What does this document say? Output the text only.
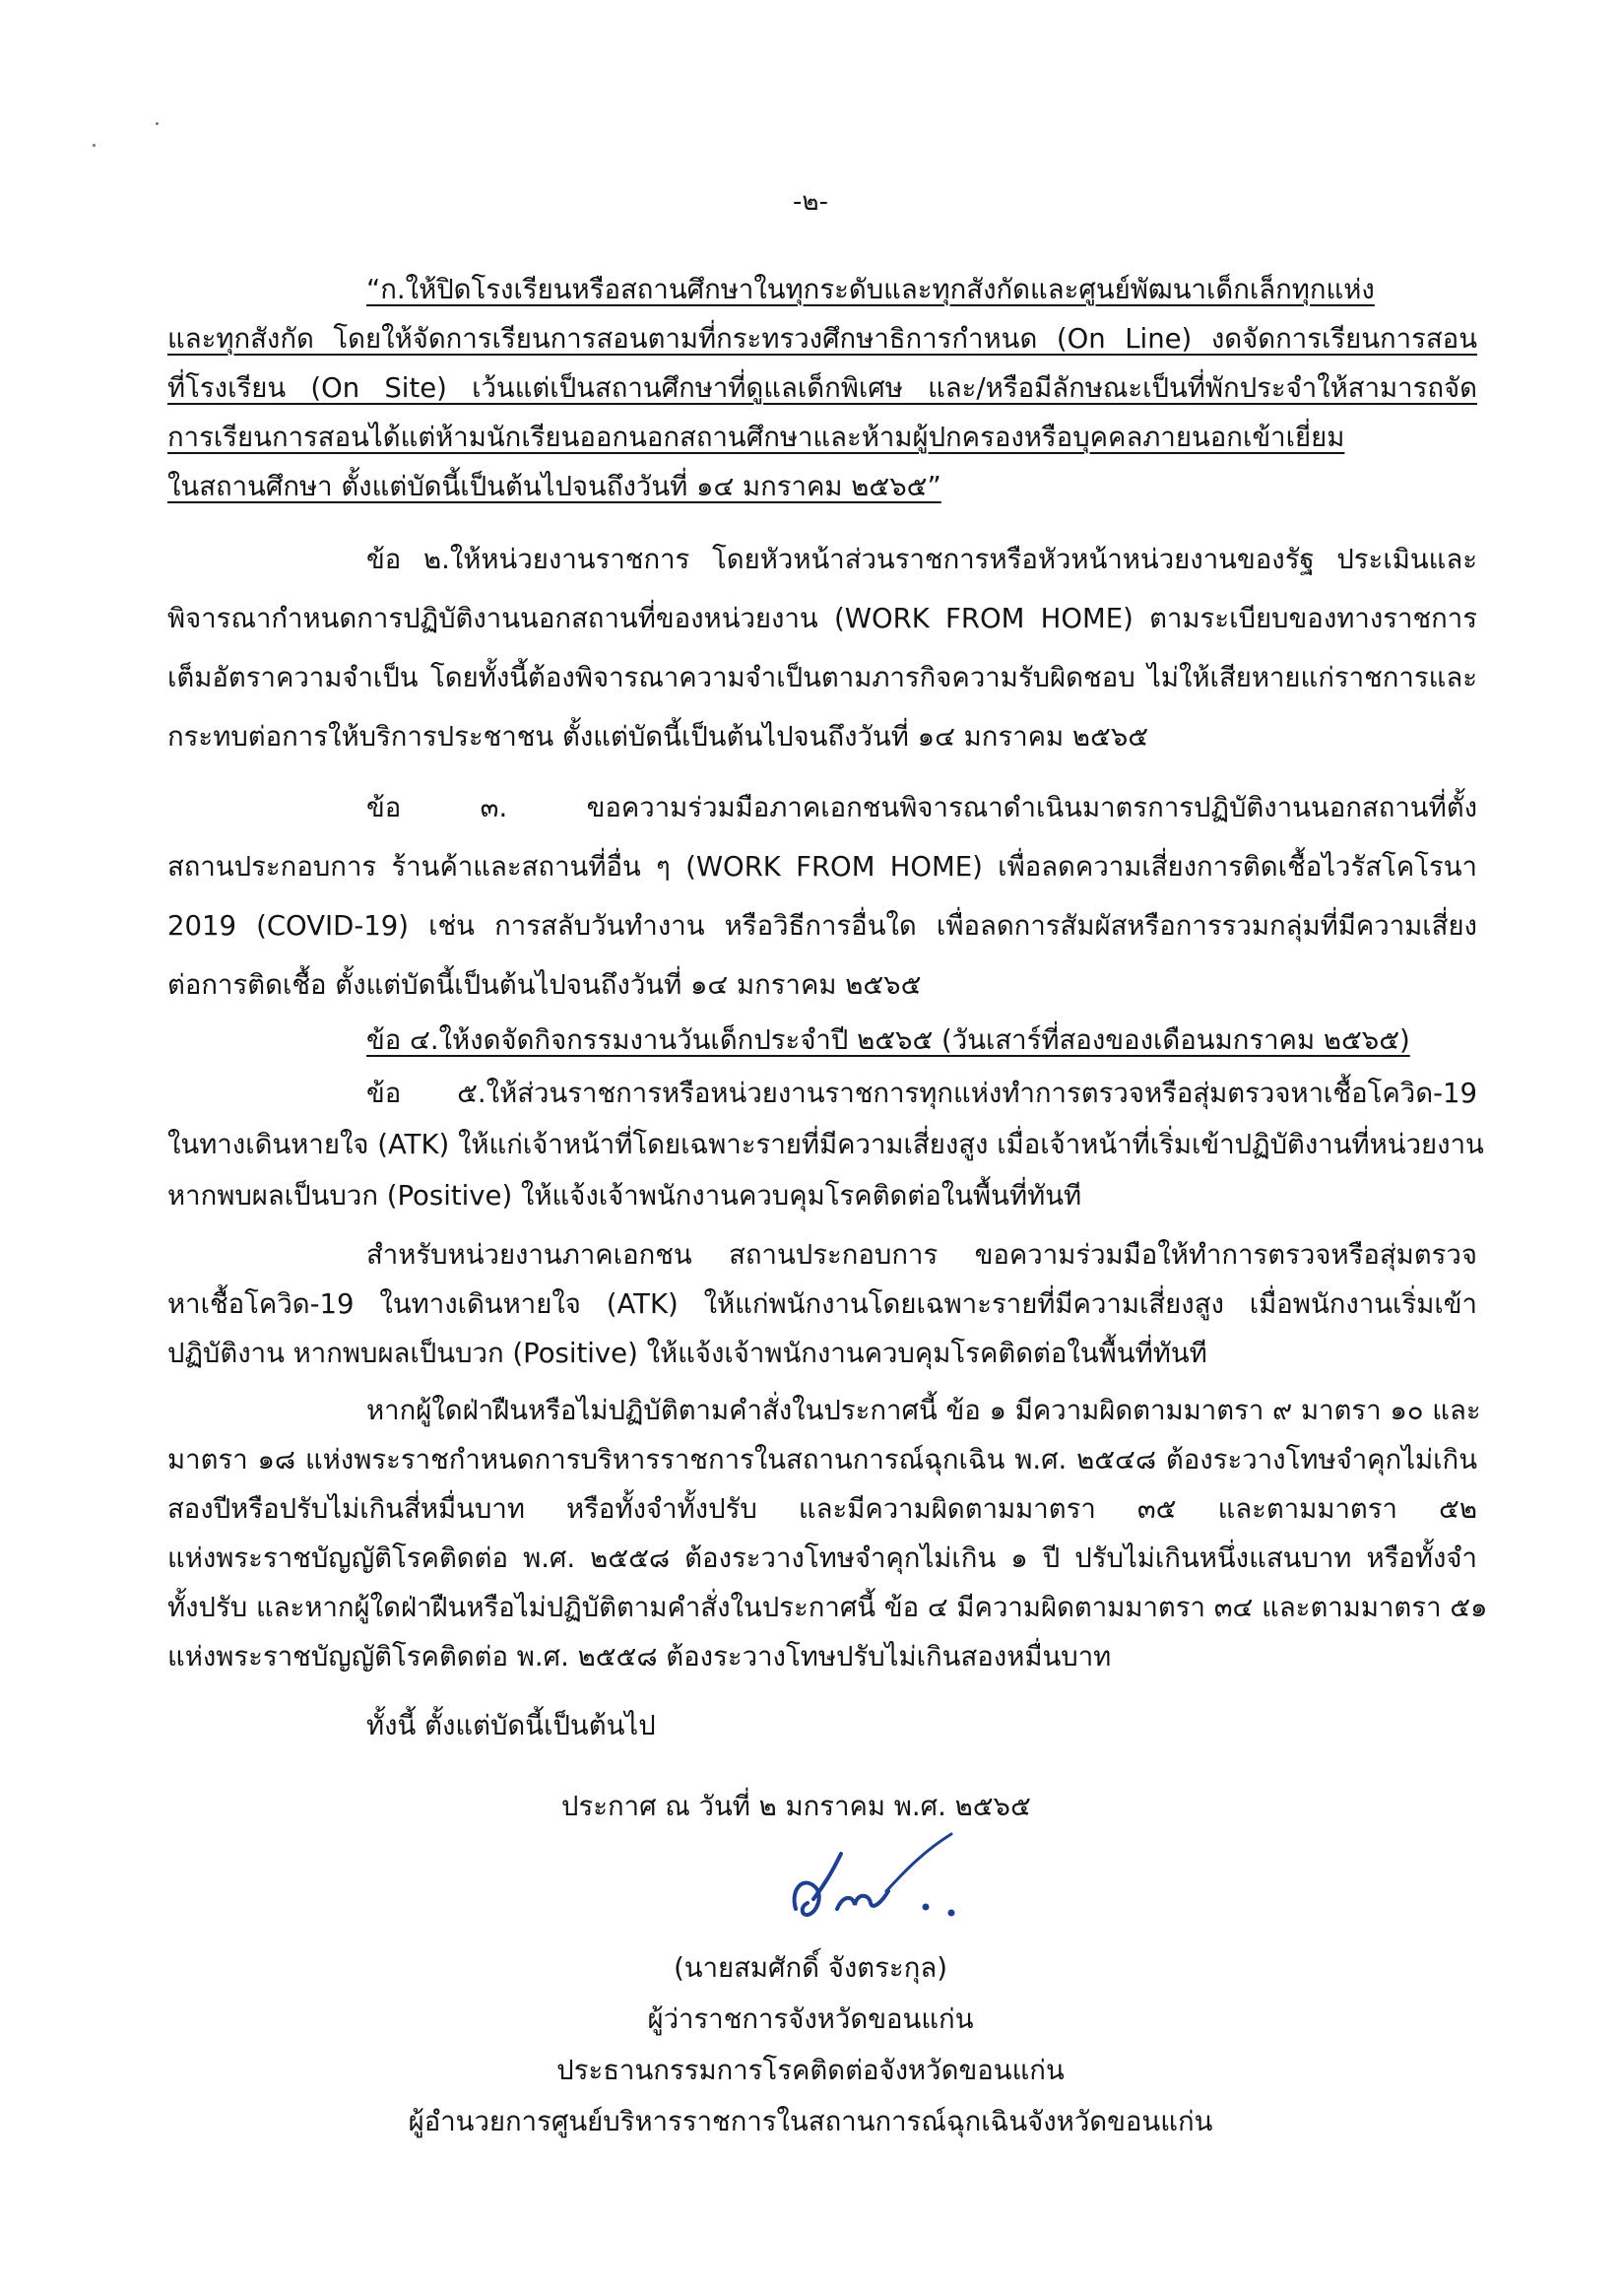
-๒-
“ก.ให้ปิดโรงเรียนหรือสถานศึกษาในทุกระดับและทุกสังกัดและศูนย์พัฒนาเด็กเล็กทุกแห่ง
และทุกสังกัด โดยให้จัดการเรียนการสอนตามที่กระทรวงศึกษาธิการกำหนด (On Line) งดจัดการเรียนการสอน
ที่โรงเรียน (On Site) เว้นแต่เป็นสถานศึกษาที่ดูแลเด็กพิเศษ และ/หรือมีลักษณะเป็นที่พักประจำให้สามารถจัด
การเรียนการสอนได้แต่ห้ามนักเรียนออกนอกสถานศึกษาและห้ามผู้ปกครองหรือบุคคลภายนอกเข้าเยี่ยม
ในสถานศึกษา ตั้งแต่บัดนี้เป็นต้นไปจนถึงวันที่ ๑๔ มกราคม ๒๕๖๕”
ข้อ ๒.ให้หน่วยงานราชการ โดยหัวหน้าส่วนราชการหรือหัวหน้าหน่วยงานของรัฐ ประเมินและ
พิจารณากำหนดการปฏิบัติงานนอกสถานที่ของหน่วยงาน (WORK FROM HOME) ตามระเบียบของทางราชการ
เต็มอัตราความจำเป็น โดยทั้งนี้ต้องพิจารณาความจำเป็นตามภารกิจความรับผิดชอบ ไม่ให้เสียหายแก่ราชการและ
กระทบต่อการให้บริการประชาชน ตั้งแต่บัดนี้เป็นต้นไปจนถึงวันที่ ๑๔ มกราคม ๒๕๖๕
ข้อ ๓. ขอความร่วมมือภาคเอกชนพิจารณาดำเนินมาตรการปฏิบัติงานนอกสถานที่ตั้ง
สถานประกอบการ ร้านค้าและสถานที่อื่น ๆ (WORK FROM HOME) เพื่อลดความเสี่ยงการติดเชื้อไวรัสโคโรนา
2019 (COVID-19) เช่น การสลับวันทำงาน หรือวิธีการอื่นใด เพื่อลดการสัมผัสหรือการรวมกลุ่มที่มีความเสี่ยง
ต่อการติดเชื้อ ตั้งแต่บัดนี้เป็นต้นไปจนถึงวันที่ ๑๔ มกราคม ๒๕๖๕
ข้อ ๔.ให้งดจัดกิจกรรมงานวันเด็กประจำปี ๒๕๖๕ (วันเสาร์ที่สองของเดือนมกราคม ๒๕๖๕)
ข้อ ๕.ให้ส่วนราชการหรือหน่วยงานราชการทุกแห่งทำการตรวจหรือสุ่มตรวจหาเชื้อโควิด-19
ในทางเดินหายใจ (ATK) ให้แก่เจ้าหน้าที่โดยเฉพาะรายที่มีความเสี่ยงสูง เมื่อเจ้าหน้าที่เริ่มเข้าปฏิบัติงานที่หน่วยงาน
หากพบผลเป็นบวก (Positive) ให้แจ้งเจ้าพนักงานควบคุมโรคติดต่อในพื้นที่ทันที
สำหรับหน่วยงานภาคเอกชน สถานประกอบการ ขอความร่วมมือให้ทำการตรวจหรือสุ่มตรวจ
หาเชื้อโควิด-19 ในทางเดินหายใจ (ATK) ให้แก่พนักงานโดยเฉพาะรายที่มีความเสี่ยงสูง เมื่อพนักงานเริ่มเข้า
ปฏิบัติงาน หากพบผลเป็นบวก (Positive) ให้แจ้งเจ้าพนักงานควบคุมโรคติดต่อในพื้นที่ทันที
หากผู้ใดฝ่าฝืนหรือไม่ปฏิบัติตามคำสั่งในประกาศนี้ ข้อ ๑ มีความผิดตามมาตรา ๙ มาตรา ๑๐ และ
มาตรา ๑๘ แห่งพระราชกำหนดการบริหารราชการในสถานการณ์ฉุกเฉิน พ.ศ. ๒๕๔๘ ต้องระวางโทษจำคุกไม่เกิน
สองปีหรือปรับไม่เกินสี่หมื่นบาท หรือทั้งจำทั้งปรับ และมีความผิดตามมาตรา ๓๕ และตามมาตรา ๕๒
แห่งพระราชบัญญัติโรคติดต่อ พ.ศ. ๒๕๕๘ ต้องระวางโทษจำคุกไม่เกิน ๑ ปี ปรับไม่เกินหนึ่งแสนบาท หรือทั้งจำ
ทั้งปรับ และหากผู้ใดฝ่าฝืนหรือไม่ปฏิบัติตามคำสั่งในประกาศนี้ ข้อ ๔ มีความผิดตามมาตรา ๓๔ และตามมาตรา ๕๑
แห่งพระราชบัญญัติโรคติดต่อ พ.ศ. ๒๕๕๘ ต้องระวางโทษปรับไม่เกินสองหมื่นบาท
ทั้งนี้ ตั้งแต่บัดนี้เป็นต้นไป
ประกาศ ณ วันที่ ๒ มกราคม พ.ศ. ๒๕๖๕
(นายสมศักดิ์ จังตระกุล)
ผู้ว่าราชการจังหวัดขอนแก่น
ประธานกรรมการโรคติดต่อจังหวัดขอนแก่น
ผู้อำนวยการศูนย์บริหารราชการในสถานการณ์ฉุกเฉินจังหวัดขอนแก่น
